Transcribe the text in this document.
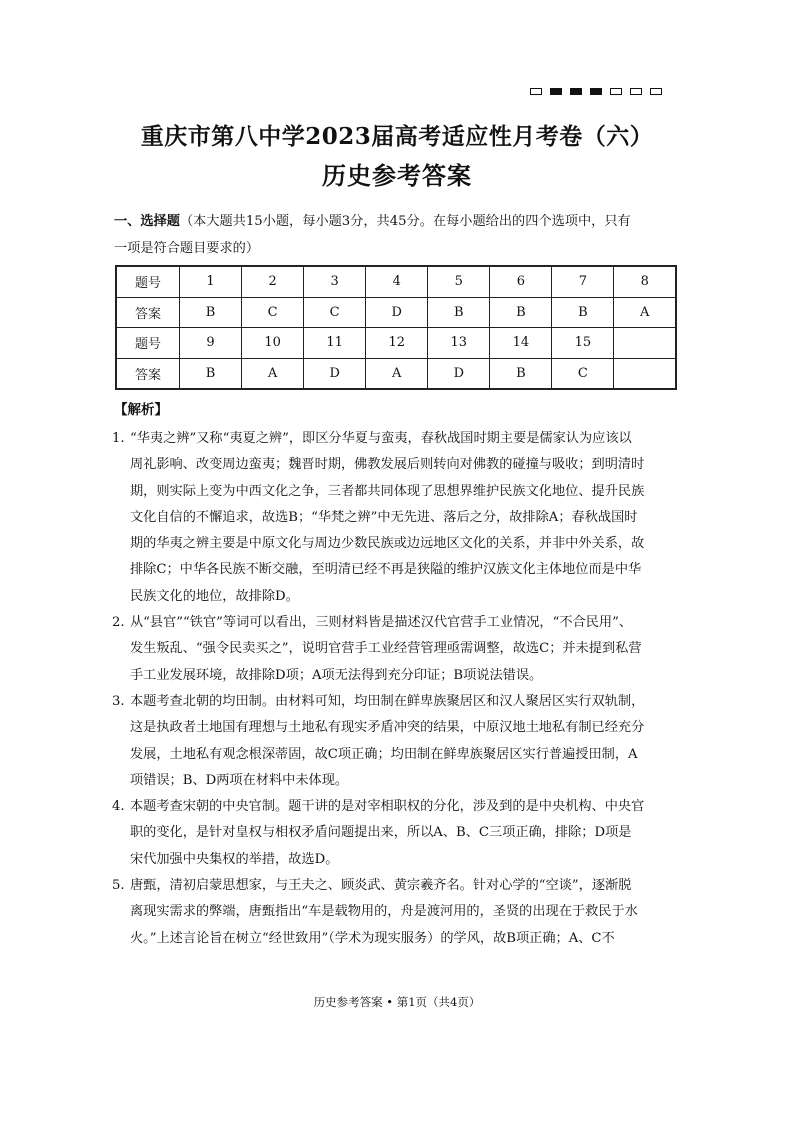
重庆市第八中学2023届高考适应性月考卷（六）
历史参考答案
一、选择题（本大题共15小题，每小题3分，共45分。在每小题给出的四个选项中，只有
一项是符合题目要求的）
题号	1	2	3	4	5	6	7	8
答案	B	C	C	D	B	B	B	A
题号	9	10	11	12	13	14	15	
答案	B	A	D	A	D	B	C	
【解析】
1. “华夷之辨”又称“夷夏之辨”，即区分华夏与蛮夷，春秋战国时期主要是儒家认为应该以
周礼影响、改变周边蛮夷；魏晋时期，佛教发展后则转向对佛教的碰撞与吸收；到明清时
期，则实际上变为中西文化之争，三者都共同体现了思想界维护民族文化地位、提升民族
文化自信的不懈追求，故选B；“华梵之辨”中无先进、落后之分，故排除A；春秋战国时
期的华夷之辨主要是中原文化与周边少数民族或边远地区文化的关系，并非中外关系，故
排除C；中华各民族不断交融，至明清已经不再是狭隘的维护汉族文化主体地位而是中华
民族文化的地位，故排除D。
2. 从“县官”“铁官”等词可以看出，三则材料皆是描述汉代官营手工业情况，“不合民用”、
发生叛乱、“强令民卖买之”，说明官营手工业经营管理亟需调整，故选C；并未提到私营
手工业发展环境，故排除D项；A项无法得到充分印证；B项说法错误。
3. 本题考查北朝的均田制。由材料可知，均田制在鲜卑族聚居区和汉人聚居区实行双轨制，
这是执政者土地国有理想与土地私有现实矛盾冲突的结果，中原汉地土地私有制已经充分
发展，土地私有观念根深蒂固，故C项正确；均田制在鲜卑族聚居区实行普遍授田制，A
项错误；B、D两项在材料中未体现。
4. 本题考查宋朝的中央官制。题干讲的是对宰相职权的分化，涉及到的是中央机构、中央官
职的变化，是针对皇权与相权矛盾问题提出来，所以A、B、C三项正确，排除；D项是
宋代加强中央集权的举措，故选D。
5. 唐甄，清初启蒙思想家，与王夫之、顾炎武、黄宗羲齐名。针对心学的“空谈”，逐渐脱
离现实需求的弊端，唐甄指出“车是载物用的，舟是渡河用的，圣贤的出现在于救民于水
火。”上述言论旨在树立“经世致用”（学术为现实服务）的学风，故B项正确；A、C不
历史参考答案 • 第1页（共4页）
